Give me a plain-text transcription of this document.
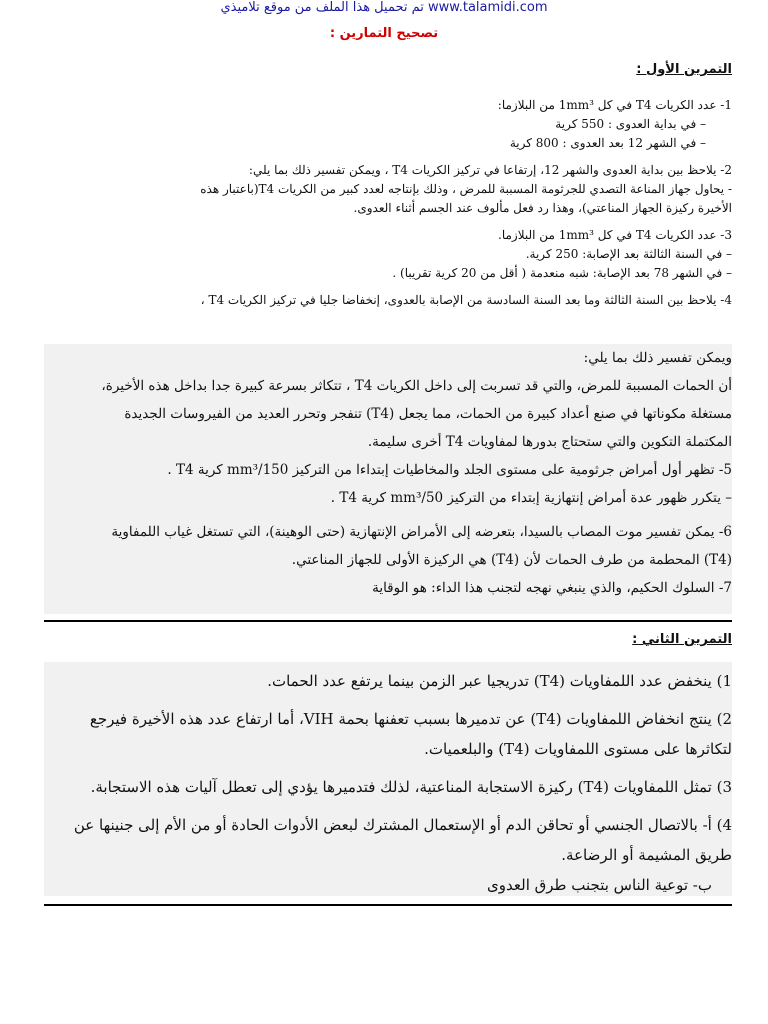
تم تحميل هذا الملف من موقع تلاميذي www.talamidi.com
تصحيح التمارين :
التمرين الأول :
1- عدد الكريات T4 في كل 1mm³ من البلازما:
– في بداية العدوى : 550 كرية
– في الشهر 12 بعد العدوى : 800 كرية
2- يلاحظ بين بداية العدوى والشهر 12، إرتفاعا في تركيز الكريات T4 ، ويمكن تفسير ذلك بما يلي:
- يحاول جهاز المناعة التصدي للجرثومة المسببة للمرض ، وذلك بإنتاجه لعدد كبير من الكريات T4(باعتبار هذه
الأخيرة ركيزة الجهاز المناعتي)، وهذا رد فعل مألوف عند الجسم أثناء العدوى.
3- عدد الكريات T4 في كل 1mm³ من البلازما.
– في السنة الثالثة بعد الإصابة: 250 كرية.
– في الشهر 78 بعد الإصابة: شبه منعدمة ( أقل من 20 كرية تقريبا) .
4- يلاحظ بين السنة الثالثة وما بعد السنة السادسة من الإصابة بالعدوى، إنخفاضا جليا في تركيز الكريات T4 ،
ويمكن تفسير ذلك بما يلي:
أن الحمات المسببة للمرض، والتي قد تسربت إلى داخل الكريات T4 ، تتكاثر بسرعة كبيرة جدا بداخل هذه الأخيرة،
مستغلة مكوناتها في صنع أعداد كبيرة من الحمات، مما يجعل (T4) تنفجر وتحرر العديد من الفيروسات الجديدة
المكتملة التكوين والتي ستحتاج بدورها لمفاويات T4 أخرى سليمة.
5- تظهر أول أمراض جرثومية على مستوى الجلد والمخاطيات إبتداءا من التركيز 150/mm³ كرية T4 .
– يتكرر ظهور عدة أمراض إنتهازية إبتداء من التركيز 50/mm³ كرية T4 .
6- يمكن تفسير موت المصاب بالسيدا، بتعرضه إلى الأمراض الإنتهازية (حتى الوهينة)، التي تستغل غياب اللمفاوية
(T4) المحطمة من طرف الحمات لأن (T4) هي الركيزة الأولى للجهاز المناعتي.
7- السلوك الحكيم، والذي ينبغي نهجه لتجنب هذا الداء: هو الوقاية
التمرين الثاني :
1) ينخفض عدد اللمفاويات (T4) تدريجيا عبر الزمن بينما يرتفع عدد الحمات.
2) ينتج انخفاض اللمفاويات (T4) عن تدميرها بسبب تعفنها بحمة VIH، أما ارتفاع عدد هذه الأخيرة فيرجع
لتكاثرها على مستوى اللمفاويات (T4) والبلعميات.
3) تمثل اللمفاويات (T4) ركيزة الاستجابة المناعتية، لذلك فتدميرها يؤدي إلى تعطل آليات هذه الاستجابة.
4) أ- بالاتصال الجنسي أو تحاقن الدم أو الإستعمال المشترك لبعض الأدوات الحادة أو من الأم إلى جنينها عن
طريق المشيمة أو الرضاعة.
ب- توعية الناس بتجنب طرق العدوى
